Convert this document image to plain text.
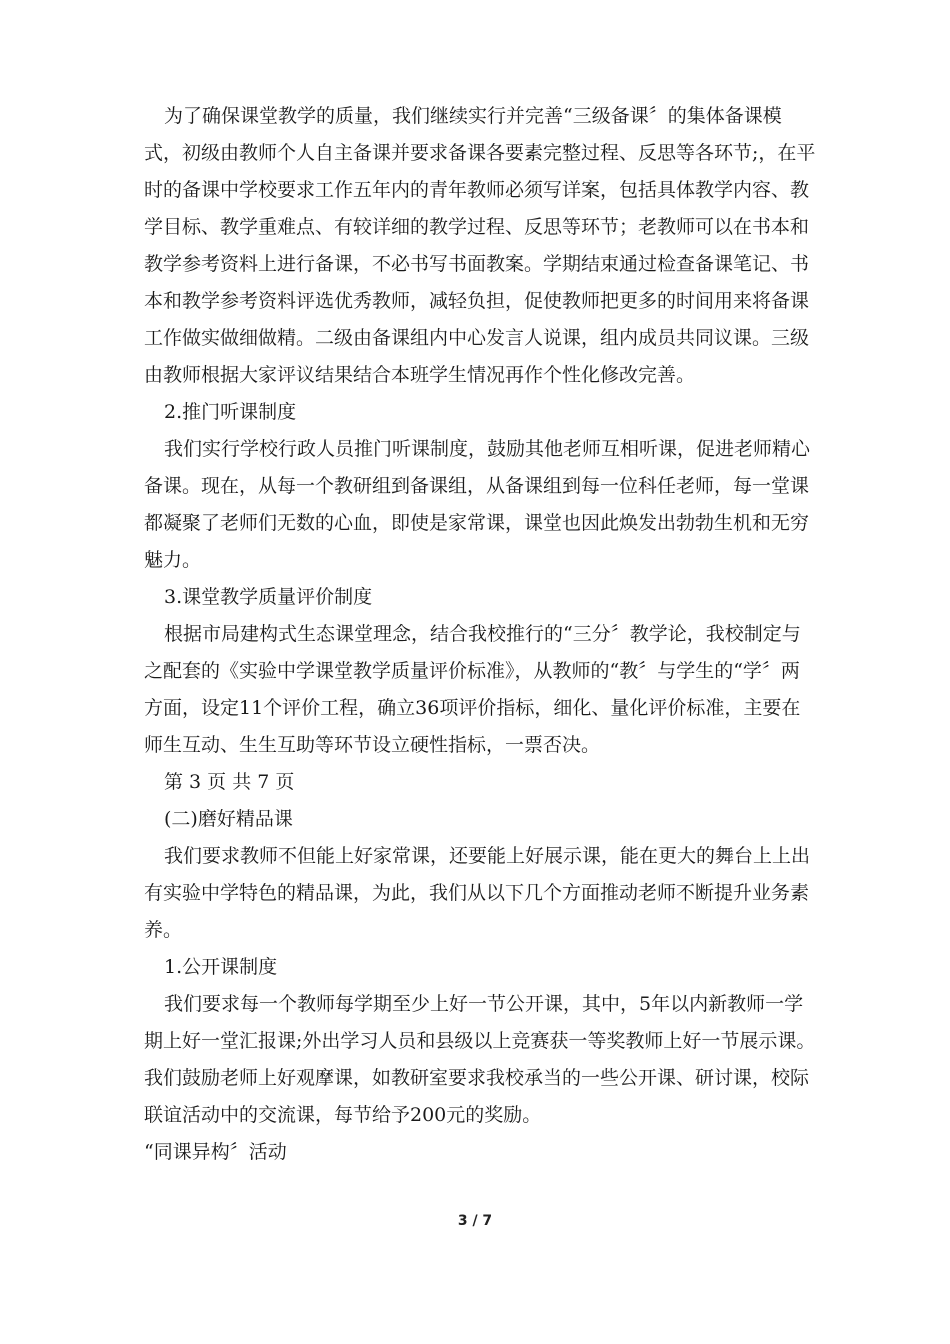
为了确保课堂教学的质量，我们继续实行并完善“三级备课〞的集体备课模式，初级由教师个人自主备课并要求备课各要素完整过程、反思等各环节;，在平时的备课中学校要求工作五年内的青年教师必须写详案，包括具体教学内容、教学目标、教学重难点、有较详细的教学过程、反思等环节；老教师可以在书本和教学参考资料上进行备课，不必书写书面教案。学期结束通过检查备课笔记、书本和教学参考资料评选优秀教师，减轻负担，促使教师把更多的时间用来将备课工作做实做细做精。二级由备课组内中心发言人说课，组内成员共同议课。三级由教师根据大家评议结果结合本班学生情况再作个性化修改完善。

2.推门听课制度

我们实行学校行政人员推门听课制度，鼓励其他老师互相听课，促进老师精心备课。现在，从每一个教研组到备课组，从备课组到每一位科任老师，每一堂课都凝聚了老师们无数的心血，即使是家常课，课堂也因此焕发出勃勃生机和无穷魅力。

3.课堂教学质量评价制度

根据市局建构式生态课堂理念，结合我校推行的“三分〞教学论，我校制定与之配套的《实验中学课堂教学质量评价标准》，从教师的“教〞与学生的“学〞两方面，设定11个评价工程，确立36项评价指标，细化、量化评价标准，主要在师生互动、生生互助等环节设立硬性指标，一票否决。

第 3 页 共 7 页

(二)磨好精品课

我们要求教师不但能上好家常课，还要能上好展示课，能在更大的舞台上上出有实验中学特色的精品课，为此，我们从以下几个方面推动老师不断提升业务素养。

1.公开课制度

我们要求每一个教师每学期至少上好一节公开课，其中，5年以内新教师一学期上好一堂汇报课;外出学习人员和县级以上竞赛获一等奖教师上好一节展示课。我们鼓励老师上好观摩课，如教研室要求我校承当的一些公开课、研讨课，校际联谊活动中的交流课，每节给予200元的奖励。

“同课异构〞活动

3 / 7
